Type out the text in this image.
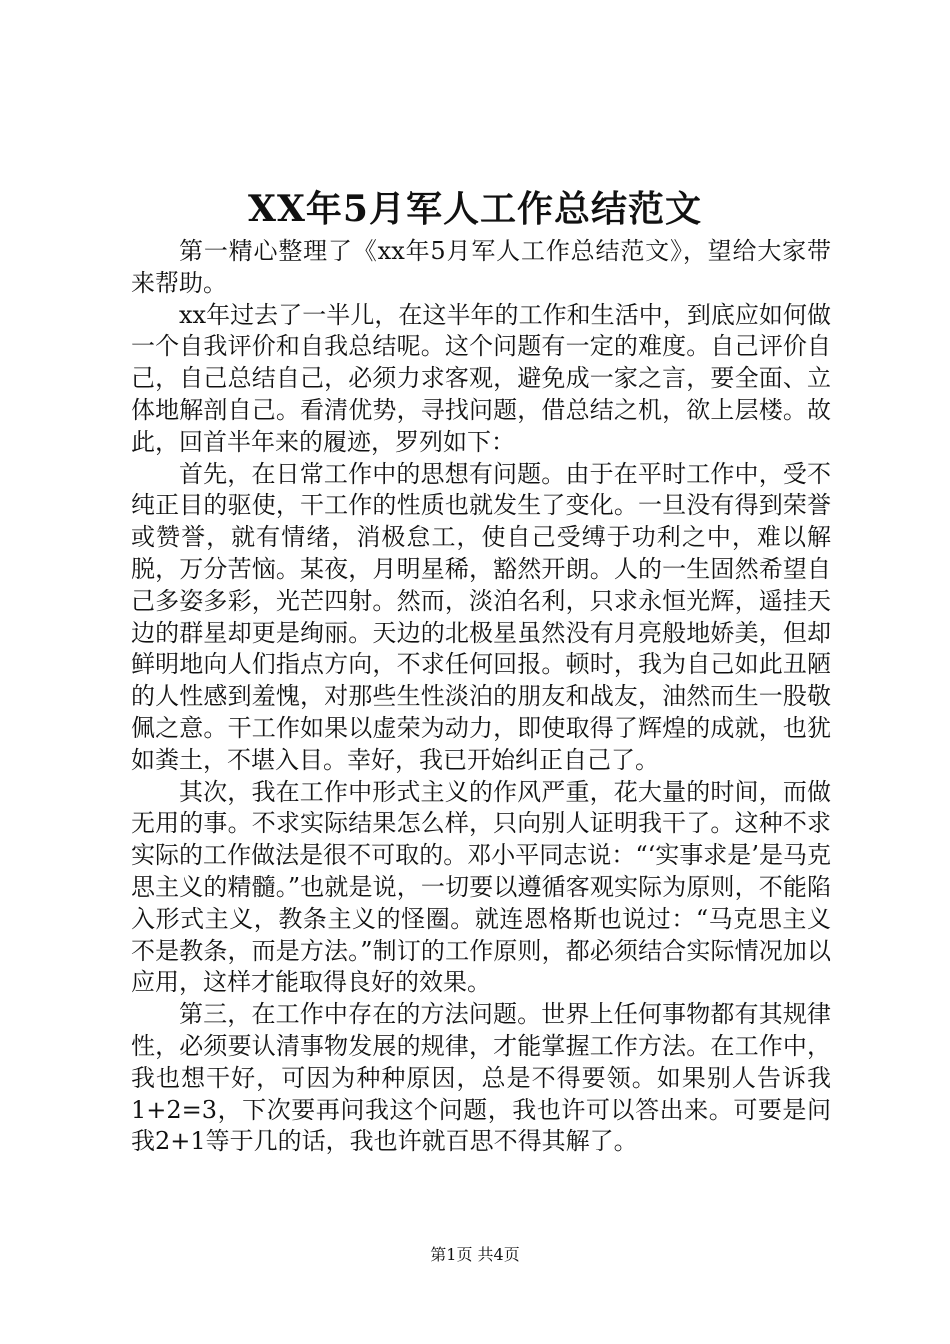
XX年5月军人工作总结范文

第一精心整理了《xx年5月军人工作总结范文》，望给大家带来帮助。

xx年过去了一半儿，在这半年的工作和生活中，到底应如何做一个自我评价和自我总结呢。这个问题有一定的难度。自己评价自己，自己总结自己，必须力求客观，避免成一家之言，要全面、立体地解剖自己。看清优势，寻找问题，借总结之机，欲上层楼。故此，回首半年来的履迹，罗列如下：

首先，在日常工作中的思想有问题。由于在平时工作中，受不纯正目的驱使，干工作的性质也就发生了变化。一旦没有得到荣誉或赞誉，就有情绪，消极怠工，使自己受缚于功利之中，难以解脱，万分苦恼。某夜，月明星稀，豁然开朗。人的一生固然希望自己多姿多彩，光芒四射。然而，淡泊名利，只求永恒光辉，遥挂天边的群星却更是绚丽。天边的北极星虽然没有月亮般地娇美，但却鲜明地向人们指点方向，不求任何回报。顿时，我为自己如此丑陋的人性感到羞愧，对那些生性淡泊的朋友和战友，油然而生一股敬佩之意。干工作如果以虚荣为动力，即使取得了辉煌的成就，也犹如粪土，不堪入目。幸好，我已开始纠正自己了。

其次，我在工作中形式主义的作风严重，花大量的时间，而做无用的事。不求实际结果怎么样，只向别人证明我干了。这种不求实际的工作做法是很不可取的。邓小平同志说：“‘实事求是’是马克思主义的精髓。”也就是说，一切要以遵循客观实际为原则，不能陷入形式主义，教条主义的怪圈。就连恩格斯也说过：“马克思主义不是教条，而是方法。”制订的工作原则，都必须结合实际情况加以应用，这样才能取得良好的效果。

第三，在工作中存在的方法问题。世界上任何事物都有其规律性，必须要认清事物发展的规律，才能掌握工作方法。在工作中，我也想干好，可因为种种原因，总是不得要领。如果别人告诉我1+2=3，下次要再问我这个问题，我也许可以答出来。可要是问我2+1等于几的话，我也许就百思不得其解了。

第1页 共4页
